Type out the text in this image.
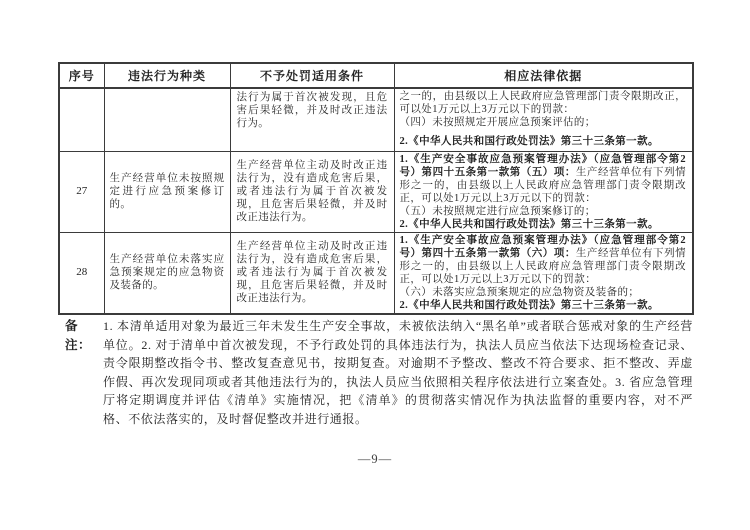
序号	违法行为种类	不予处罚适用条件	相应法律依据
		法行为属于首次被发现，且危害后果轻微，并及时改正违法行为。	之一的，由县级以上人民政府应急管理部门责令限期改正，可以处1万元以上3万元以下的罚款：
（四）未按照规定开展应急预案评估的；
2.《中华人民共和国行政处罚法》第三十三条第一款。

27	生产经营单位未按照规定进行应急预案修订的。	生产经营单位主动及时改正违法行为，没有造成危害后果，或者违法行为属于首次被发现，且危害后果轻微，并及时改正违法行为。	1.《生产安全事故应急预案管理办法》（应急管理部令第2号）第四十五条第一款第（五）项：生产经营单位有下列情形之一的，由县级以上人民政府应急管理部门责令限期改正，可以处1万元以上3万元以下的罚款：
（五）未按照规定进行应急预案修订的；
2.《中华人民共和国行政处罚法》第三十三条第一款。

28	生产经营单位未落实应急预案规定的应急物资及装备的。	生产经营单位主动及时改正违法行为，没有造成危害后果，或者违法行为属于首次被发现，且危害后果轻微，并及时改正违法行为。	1.《生产安全事故应急预案管理办法》（应急管理部令第2号）第四十五条第一款第（六）项：生产经营单位有下列情形之一的，由县级以上人民政府应急管理部门责令限期改正，可以处1万元以上3万元以下的罚款：
（六）未落实应急预案规定的应急物资及装备的；
2.《中华人民共和国行政处罚法》第三十三条第一款。
备注：
1. 本清单适用对象为最近三年未发生生产安全事故，未被依法纳入“黑名单”或者联合惩戒对象的生产经营单位。2. 对于清单中首次被发现，不予行政处罚的具体违法行为，执法人员应当依法下达现场检查记录、责令限期整改指令书、整改复查意见书，按期复查。对逾期不予整改、整改不符合要求、拒不整改、弄虚作假、再次发现同项或者其他违法行为的，执法人员应当依照相关程序依法进行立案查处。3. 省应急管理厅将定期调度并评估《清单》实施情况，把《清单》的贯彻落实情况作为执法监督的重要内容，对不严格、不依法落实的，及时督促整改并进行通报。
—9—
